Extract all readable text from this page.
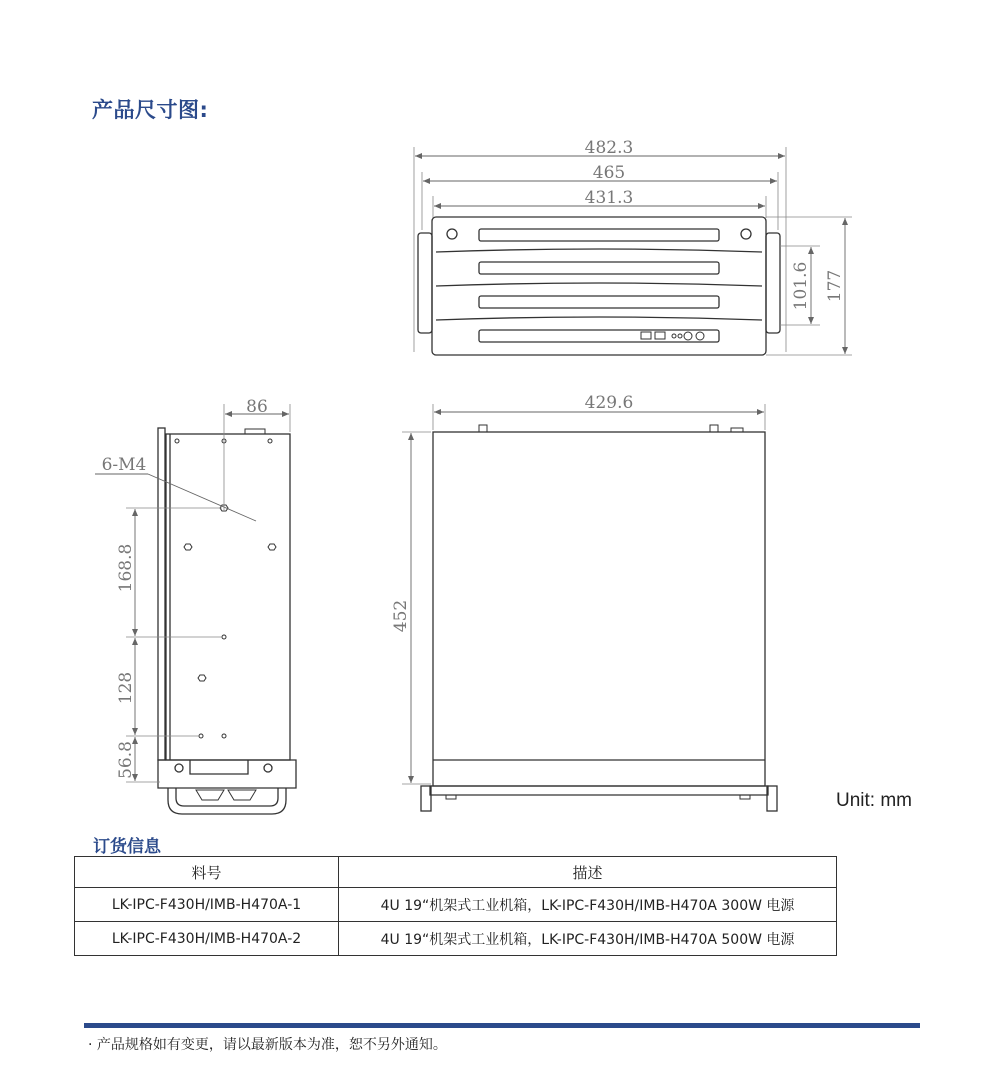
产品尺寸图:
482.3
465
431.3
101.6 177
86
6-M4
168.8
128
56.8
429.6
452
Unit: mm
订货信息
料号	描述
LK-IPC-F430H/IMB-H470A-1	4U 19“机架式工业机箱，LK-IPC-F430H/IMB-H470A 300W 电源
LK-IPC-F430H/IMB-H470A-2	4U 19“机架式工业机箱，LK-IPC-F430H/IMB-H470A 500W 电源
· 产品规格如有变更，请以最新版本为准，恕不另外通知。
